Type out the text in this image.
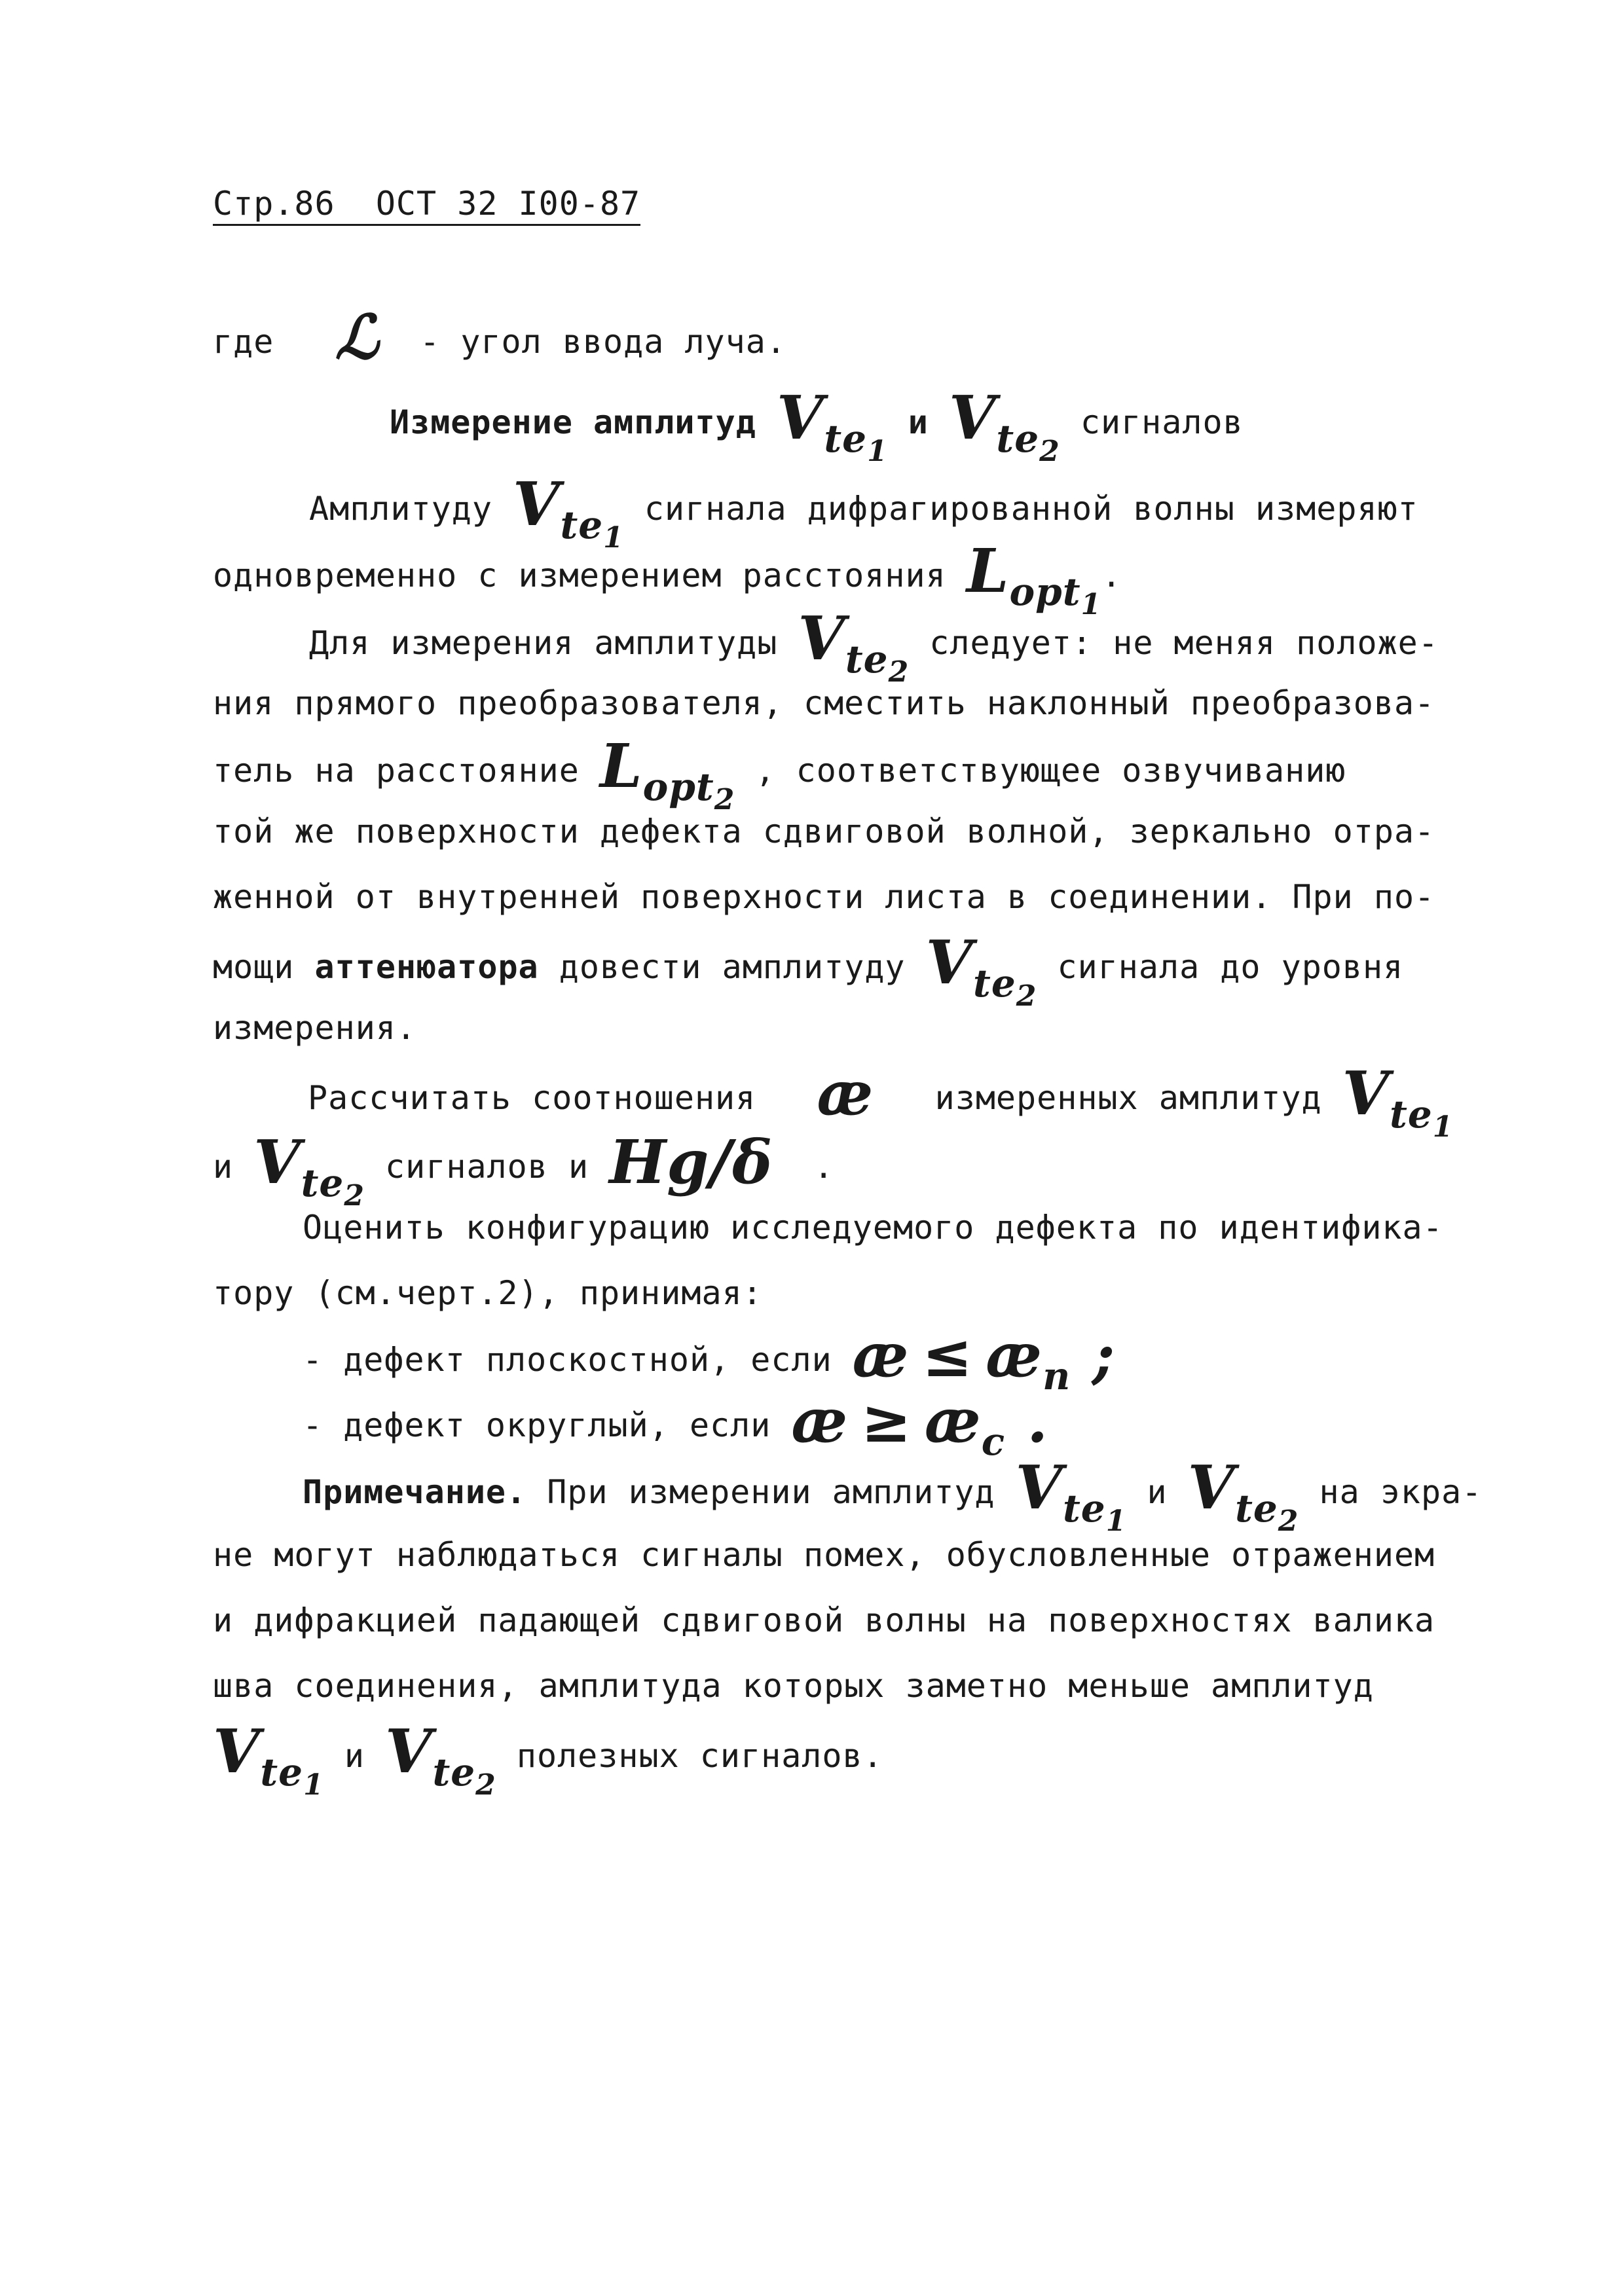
Стр.86  ОСТ 32 I00-87
где ℒ - угол ввода луча.
Измерение амплитуд $V_{te_1}$ и $V_{te_2}$ сигналов
Амплитуду $V_{te_1}$ сигнала дифрагированной волны измеряют
одновременно с измерением расстояния $L_{opt_1}$.
Для измерения амплитуды $V_{te_2}$ следует: не меняя положе-
ния прямого преобразователя, сместить наклонный преобразова-
тель на расстояние $L_{opt_2}$ , соответствующее озвучиванию
той же поверхности дефекта сдвиговой волной, зеркально отра-
женной от внутренней поверхности листа в соединении. При по-
мощи аттенюатора довести амплитуду $V_{te_2}$ сигнала до уровня
измерения.
Рассчитать соотношения æ измеренных амплитуд $V_{te_1}$
и $V_{te_2}$ сигналов и Hg/δ .
Оценить конфигурацию исследуемого дефекта по идентифика-
тору (см.черт.2), принимая:
- дефект плоскостной, если æ  ≤  $æ_n$ ;
- дефект округлый, если æ  ≥  $æ_c$ .
Примечание. При измерении амплитуд $V_{te_1}$ и $V_{te_2}$ на экра-
не могут наблюдаться сигналы помех, обусловленные отражением
и дифракцией падающей сдвиговой волны на поверхностях валика
шва соединения, амплитуда которых заметно меньше амплитуд
$V_{te_1}$ и $V_{te_2}$ полезных сигналов.
